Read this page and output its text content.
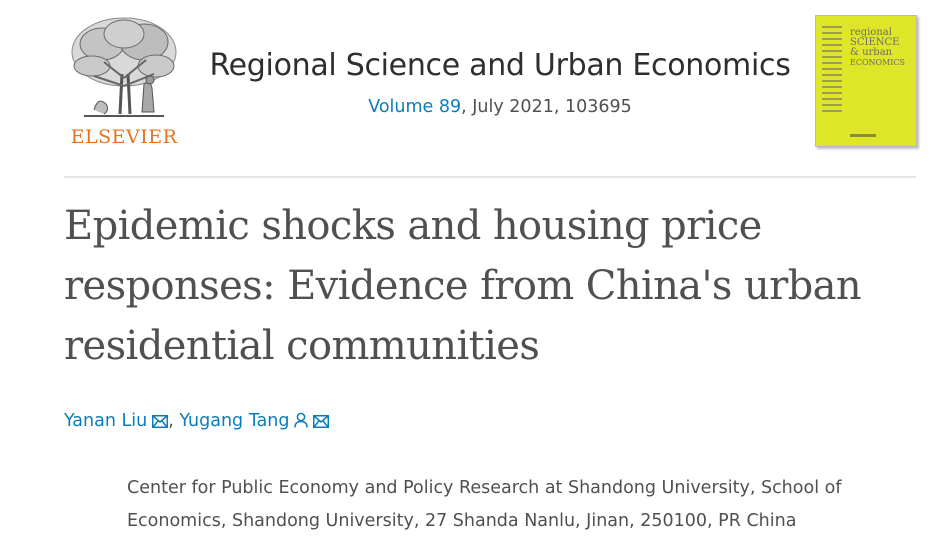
ELSEVIER
Regional Science and Urban Economics
Volume 89, July 2021, 103695
regional
SCIENCE
& urban
ECONOMICS
Epidemic shocks and housing price responses: Evidence from China's urban residential communities
Yanan Liu , Yugang Tang
Center for Public Economy and Policy Research at Shandong University, School of Economics, Shandong University, 27 Shanda Nanlu, Jinan, 250100, PR China
